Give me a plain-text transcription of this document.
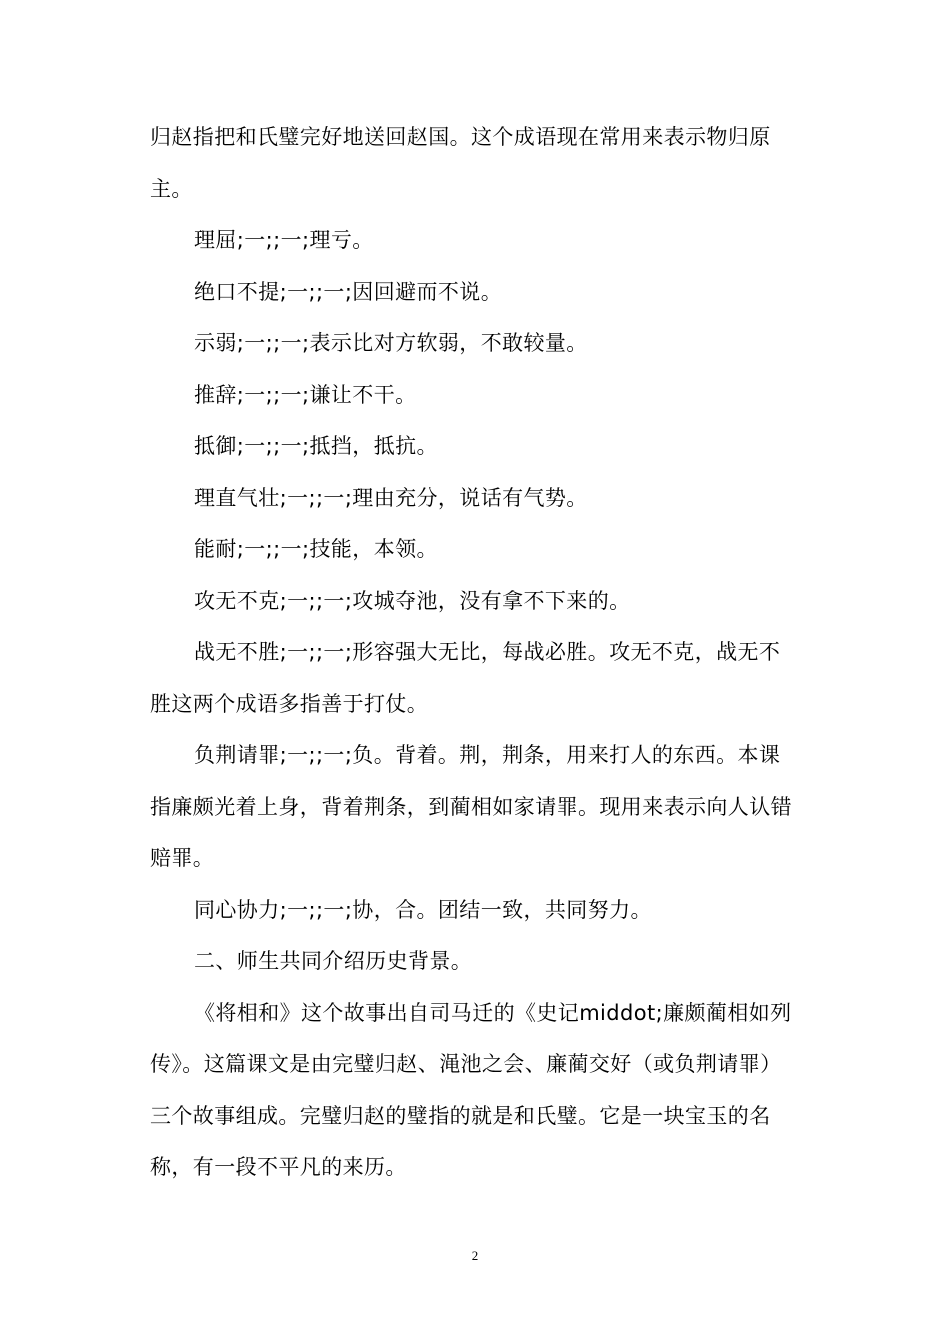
归赵指把和氏璧完好地送回赵国。这个成语现在常用来表示物归原主。

理屈;一;;一;理亏。

绝口不提;一;;一;因回避而不说。

示弱;一;;一;表示比对方软弱，不敢较量。

推辞;一;;一;谦让不干。

抵御;一;;一;抵挡，抵抗。

理直气壮;一;;一;理由充分，说话有气势。

能耐;一;;一;技能，本领。

攻无不克;一;;一;攻城夺池，没有拿不下来的。

战无不胜;一;;一;形容强大无比，每战必胜。攻无不克，战无不胜这两个成语多指善于打仗。

负荆请罪;一;;一;负。背着。荆，荆条，用来打人的东西。本课指廉颇光着上身，背着荆条，到蔺相如家请罪。现用来表示向人认错赔罪。

同心协力;一;;一;协，合。团结一致，共同努力。

二、师生共同介绍历史背景。

《将相和》这个故事出自司马迁的《史记middot;廉颇蔺相如列传》。这篇课文是由完璧归赵、渑池之会、廉蔺交好（或负荆请罪）三个故事组成。完璧归赵的璧指的就是和氏璧。它是一块宝玉的名称，有一段不平凡的来历。

2
